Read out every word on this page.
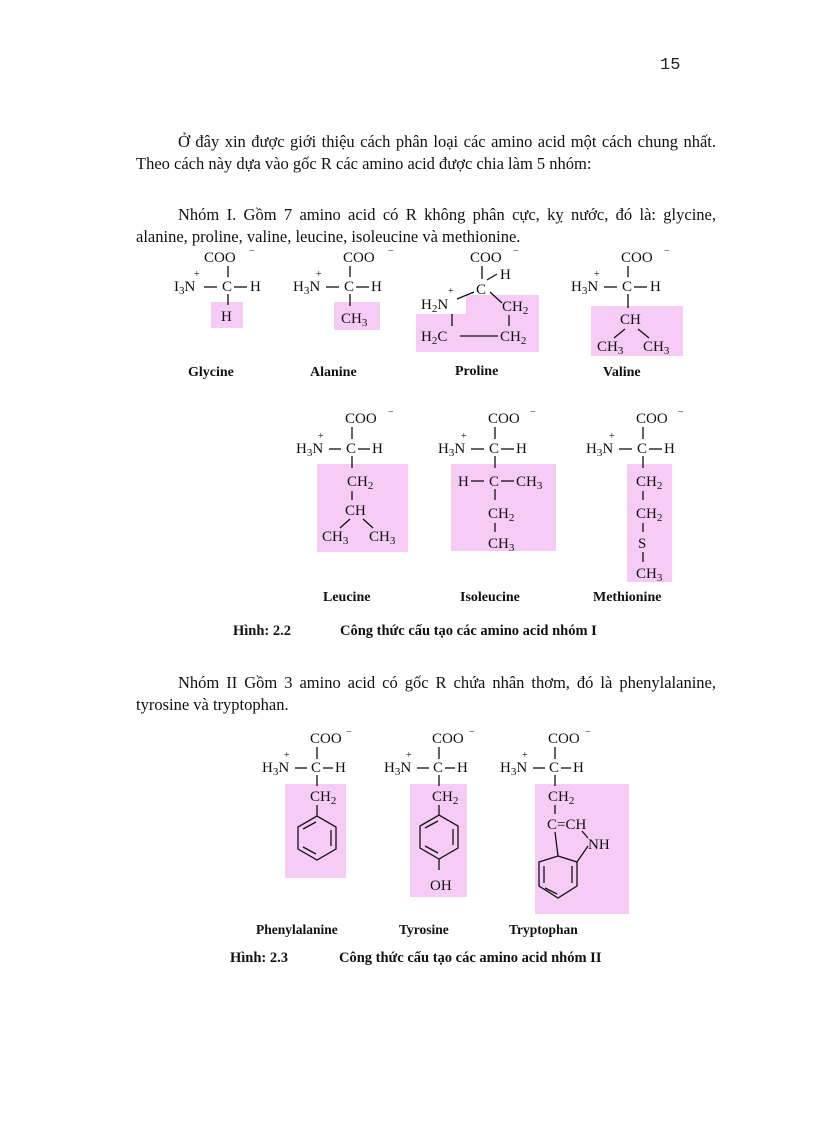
15

Ở đây xin được giới thiệu cách phân loại các amino acid một cách chung nhất. Theo cách này dựa vào gốc R các amino acid được chia làm 5 nhóm:

Nhóm I. Gồm 7 amino acid có R không phân cực, kỵ nước, đó là: glycine, alanine, proline, valine, leucine, isoleucine và methionine.

COO −
$I_3N$
+
C H
H
COO −
$H_3N$
+
C H
$CH_3$
COO −
H
C
$H_2N$
+
$CH_2$
$H_2C$	$CH_2$
COO −
$H_3N$
+
C H
CH
$CH_3$ $CH_3$
Glycine	Alanine	Proline	Valine
COO −
$H_3N$
+
C H
$CH_2$
CH
$CH_3$ $CH_3$
COO −
$H_3N$
+
C H
H C $CH_3$
$CH_2$
$CH_3$
COO −
$H_3N$
+
C H
$CH_2$
$CH_2$
S
$CH_3$
Leucine	Isoleucine	Methionine
Hình: 2.2	Công thức cấu tạo các amino acid nhóm I

Nhóm II Gồm 3 amino acid có gốc R chứa nhân thơm, đó là phenylalanine, tyrosine và tryptophan.

COO −
$H_3N$
+
C H
$CH_2$
COO −
$H_3N$
+
C H
$CH_2$
OH
COO −
$H_3N$
+
C H
$CH_2$
C=CH
NH
Phenylalanine	Tyrosine	Tryptophan
Hình: 2.3	Công thức cấu tạo các amino acid nhóm II
